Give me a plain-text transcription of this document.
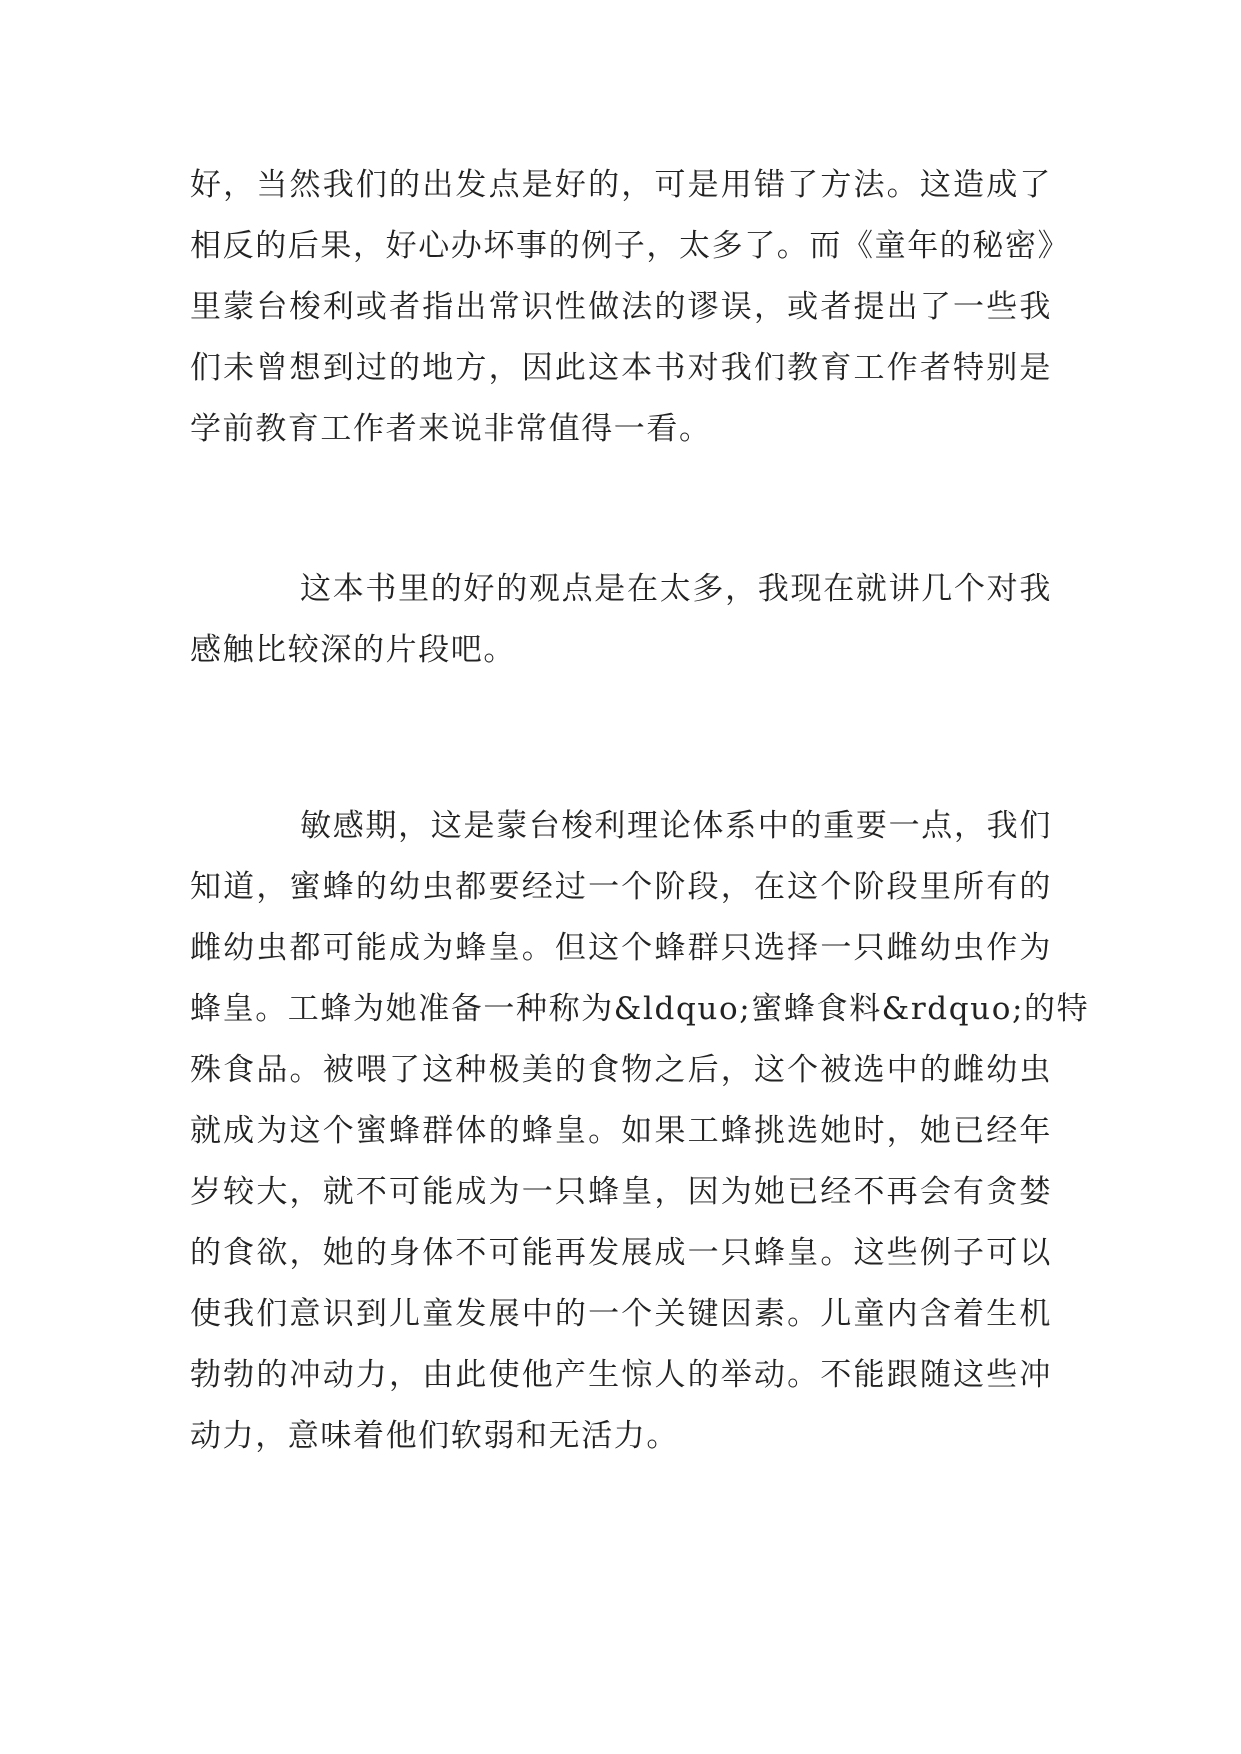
好，当然我们的出发点是好的，可是用错了方法。这造成了
相反的后果，好心办坏事的例子，太多了。而《童年的秘密》
里蒙台梭利或者指出常识性做法的谬误，或者提出了一些我
们未曾想到过的地方，因此这本书对我们教育工作者特别是
学前教育工作者来说非常值得一看。
这本书里的好的观点是在太多，我现在就讲几个对我
感触比较深的片段吧。
敏感期，这是蒙台梭利理论体系中的重要一点，我们
知道，蜜蜂的幼虫都要经过一个阶段，在这个阶段里所有的
雌幼虫都可能成为蜂皇。但这个蜂群只选择一只雌幼虫作为
蜂皇。工蜂为她准备一种称为&ldquo;蜜蜂食料&rdquo;的特
殊食品。被喂了这种极美的食物之后，这个被选中的雌幼虫
就成为这个蜜蜂群体的蜂皇。如果工蜂挑选她时，她已经年
岁较大，就不可能成为一只蜂皇，因为她已经不再会有贪婪
的食欲，她的身体不可能再发展成一只蜂皇。这些例子可以
使我们意识到儿童发展中的一个关键因素。儿童内含着生机
勃勃的冲动力，由此使他产生惊人的举动。不能跟随这些冲
动力，意味着他们软弱和无活力。
